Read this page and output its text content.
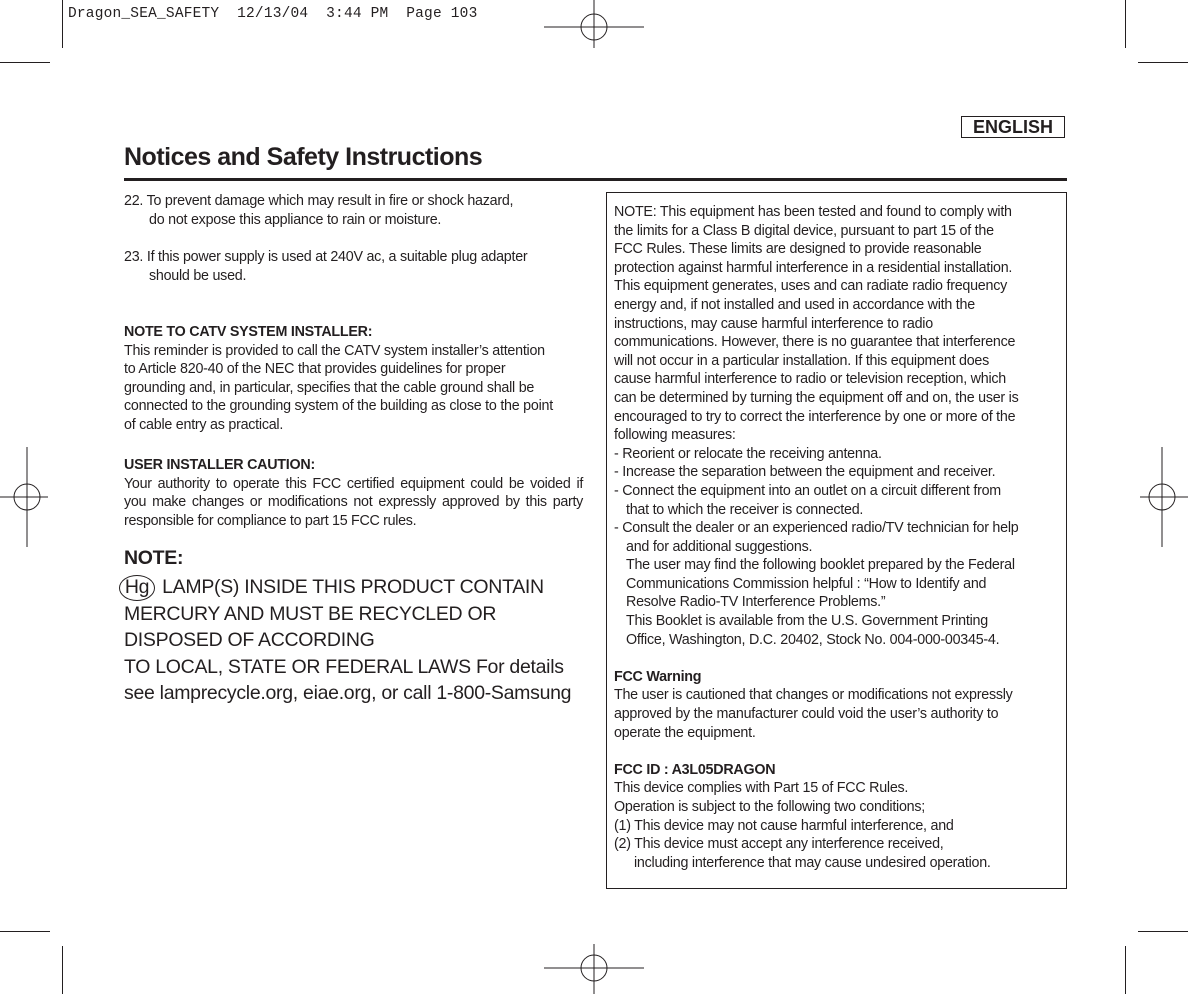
Dragon_SEA_SAFETY  12/13/04  3:44 PM  Page 103
ENGLISH
Notices and Safety Instructions
22. To prevent damage which may result in fire or shock hazard,
do not expose this appliance to rain or moisture.
23. If this power supply is used at 240V ac, a suitable plug adapter
should be used.
NOTE TO CATV SYSTEM INSTALLER:
This reminder is provided to call the CATV system installer’s attention
to Article 820-40 of the NEC that provides guidelines for proper
grounding and, in particular, specifies that the cable ground shall be
connected to the grounding system of the building as close to the point
of cable entry as practical.
USER INSTALLER CAUTION:
Your authority to operate this FCC certified equipment could be voided if you make changes or modifications not expressly approved by this party responsible for compliance to part 15 FCC rules.
NOTE:
Hg LAMP(S) INSIDE THIS PRODUCT CONTAIN
MERCURY AND MUST BE RECYCLED OR
DISPOSED OF ACCORDING
TO LOCAL, STATE OR FEDERAL LAWS For details
see lamprecycle.org, eiae.org, or call 1-800-Samsung
NOTE: This equipment has been tested and found to comply with
the limits for a Class B digital device, pursuant to part 15 of the
FCC Rules. These limits are designed to provide reasonable
protection against harmful interference in a residential installation.
This equipment generates, uses and can radiate radio frequency
energy and, if not installed and used in accordance with the
instructions, may cause harmful interference to radio
communications. However, there is no guarantee that interference
will not occur in a particular installation. If this equipment does
cause harmful interference to radio or television reception, which
can be determined by turning the equipment off and on, the user is
encouraged to try to correct the interference by one or more of the
following measures:
- Reorient or relocate the receiving antenna.
- Increase the separation between the equipment and receiver.
- Connect the equipment into an outlet on a circuit different from
that to which the receiver is connected.
- Consult the dealer or an experienced radio/TV technician for help
and for additional suggestions.
The user may find the following booklet prepared by the Federal
Communications Commission helpful : “How to Identify and
Resolve Radio-TV Interference Problems.”
This Booklet is available from the U.S. Government Printing
Office, Washington, D.C. 20402, Stock No. 004-000-00345-4.
FCC Warning
The user is cautioned that changes or modifications not expressly
approved by the manufacturer could void the user’s authority to
operate the equipment.
FCC ID : A3L05DRAGON
This device complies with Part 15 of FCC Rules.
Operation is subject to the following two conditions;
(1) This device may not cause harmful interference, and
(2) This device must accept any interference received,
including interference that may cause undesired operation.
